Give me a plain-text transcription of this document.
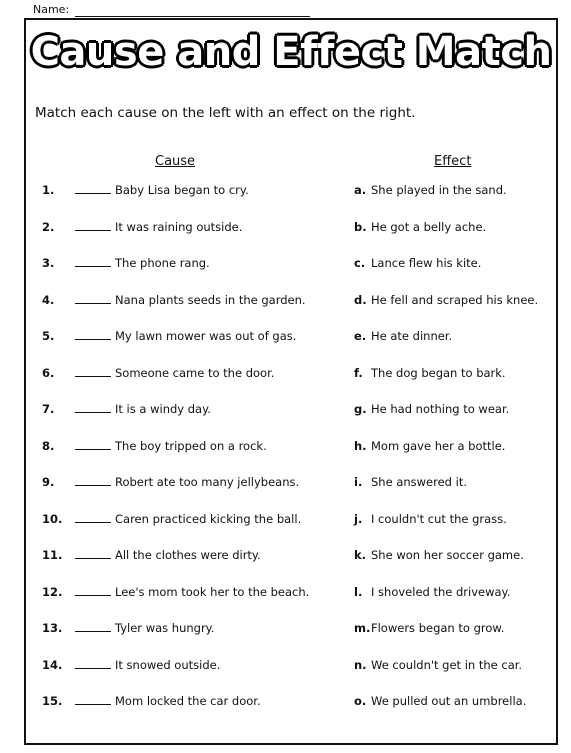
Name:
Cause and Effect Match
Match each cause on the left with an effect on the right.
Cause	Effect
1.	Baby Lisa began to cry.	a. She played in the sand.
2.	It was raining outside.	b. He got a belly ache.
3.	The phone rang.	c. Lance flew his kite.
4.	Nana plants seeds in the garden.	d. He fell and scraped his knee.
5.	My lawn mower was out of gas.	e. He ate dinner.
6.	Someone came to the door.	f. The dog began to bark.
7.	It is a windy day.	g. He had nothing to wear.
8.	The boy tripped on a rock.	h. Mom gave her a bottle.
9.	Robert ate too many jellybeans.	i. She answered it.
10.	Caren practiced kicking the ball.	j. I couldn't cut the grass.
11.	All the clothes were dirty.	k. She won her soccer game.
12.	Lee's mom took her to the beach.	l. I shoveled the driveway.
13.	Tyler was hungry.	m. Flowers began to grow.
14.	It snowed outside.	n. We couldn't get in the car.
15.	Mom locked the car door.	o. We pulled out an umbrella.
